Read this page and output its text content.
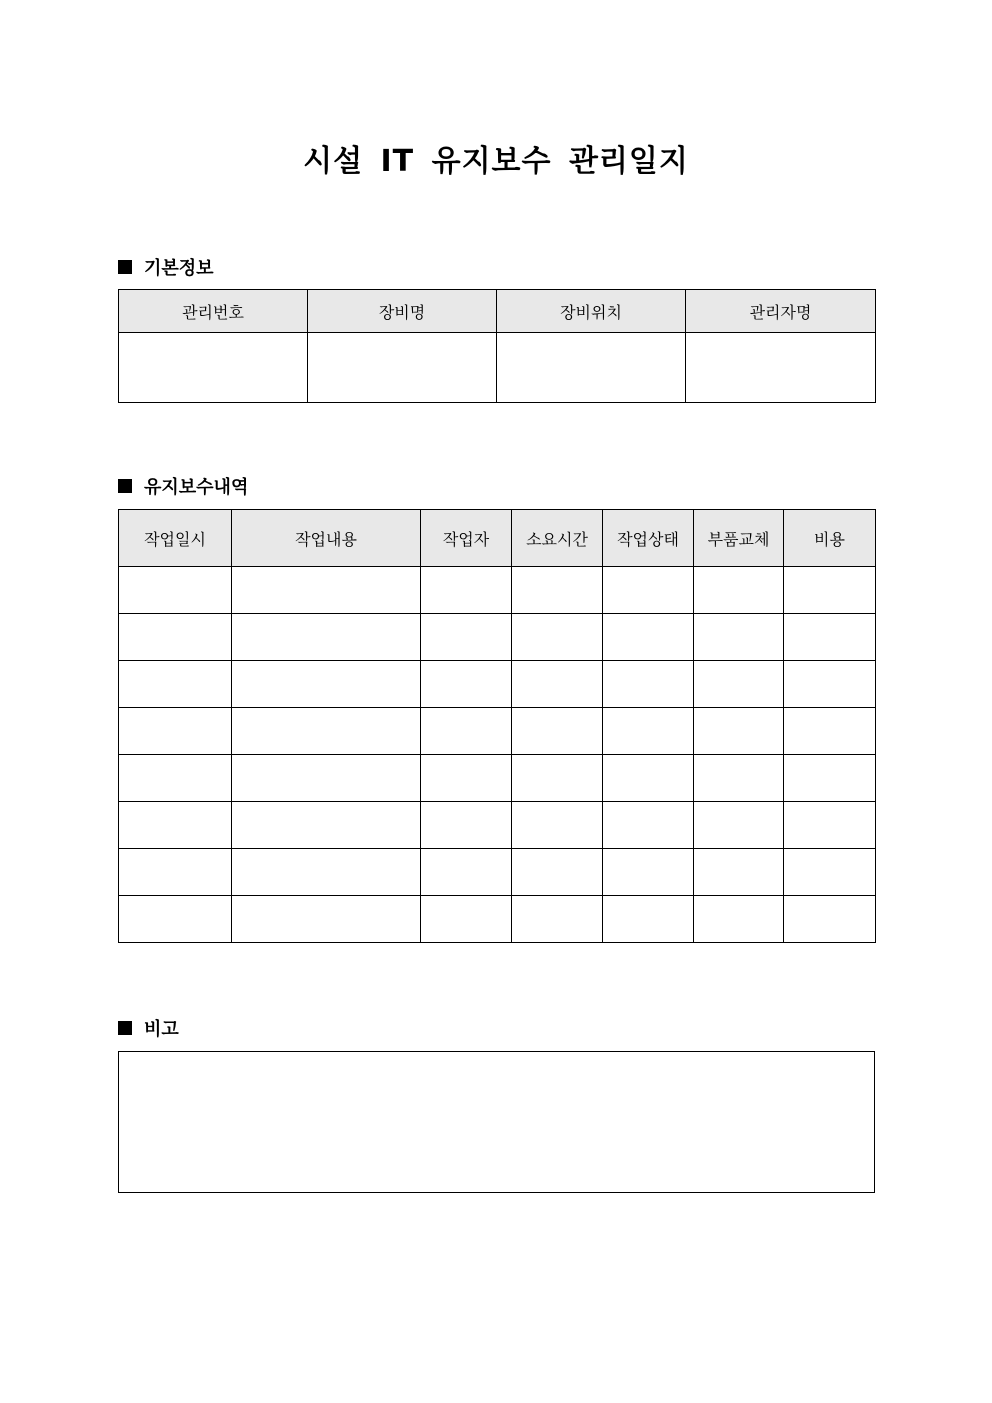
시설 IT 유지보수 관리일지
기본정보
관리번호	장비명	장비위치	관리자명

유지보수내역
작업일시	작업내용	작업자	소요시간	작업상태	부품교체	비용

비고
